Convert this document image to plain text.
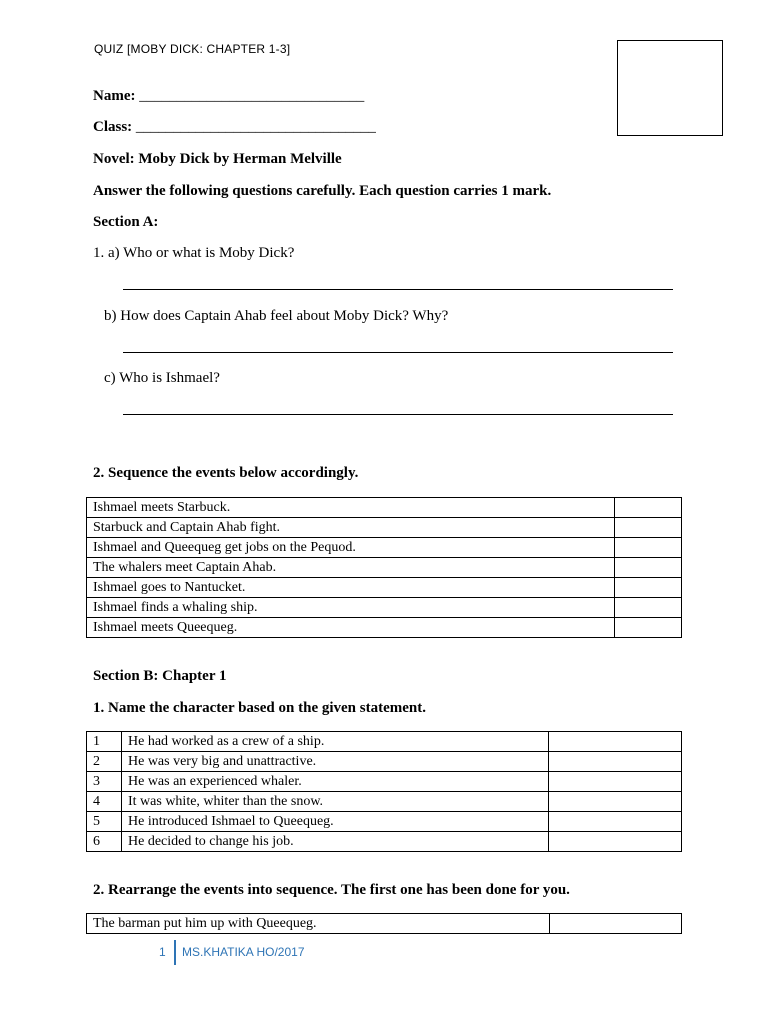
QUIZ [MOBY DICK: CHAPTER 1-3]
Name: ______________________________
Class: ________________________________
Novel: Moby Dick by Herman Melville
Answer the following questions carefully. Each question carries 1 mark.
Section A:
1. a) Who or what is Moby Dick?
b) How does Captain Ahab feel about Moby Dick? Why?
c) Who is Ishmael?
2. Sequence the events below accordingly.
Ishmael meets Starbuck.	
Starbuck and Captain Ahab fight.	
Ishmael and Queequeg get jobs on the Pequod.	
The whalers meet Captain Ahab.	
Ishmael goes to Nantucket.	
Ishmael finds a whaling ship.	
Ishmael meets Queequeg.	
Section B: Chapter 1
1. Name the character based on the given statement.
1	He had worked as a crew of a ship.	
2	He was very big and unattractive.	
3	He was an experienced whaler.	
4	It was white, whiter than the snow.	
5	He introduced Ishmael to Queequeg.	
6	He decided to change his job.	
2. Rearrange the events into sequence. The first one has been done for you.
The barman put him up with Queequeg.	
1 MS.KHATIKA HO/2017
